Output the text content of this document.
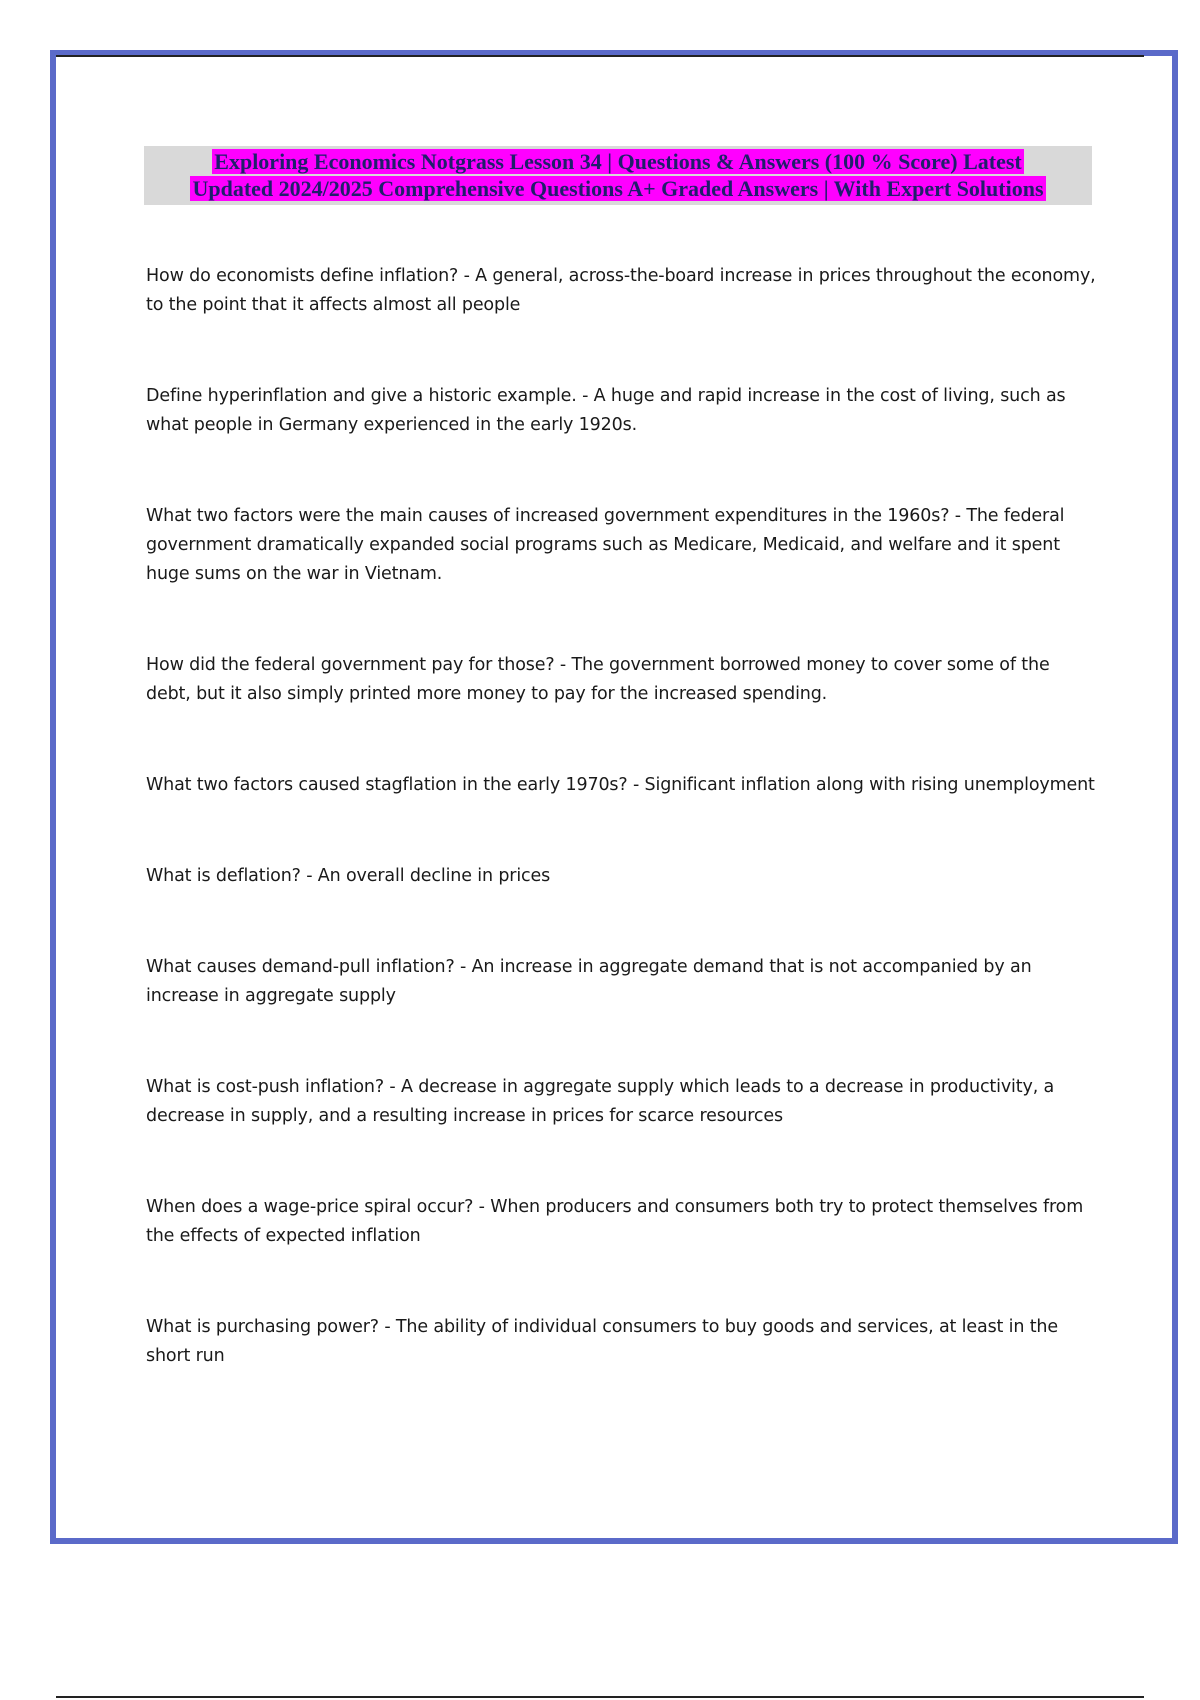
Exploring Economics Notgrass Lesson 34 | Questions & Answers (100 % Score) Latest
Updated 2024/2025 Comprehensive Questions A+ Graded Answers | With Expert Solutions

How do economists define inflation? - A general, across-the-board increase in prices throughout the economy, to the point that it affects almost all people

Define hyperinflation and give a historic example. - A huge and rapid increase in the cost of living, such as what people in Germany experienced in the early 1920s.

What two factors were the main causes of increased government expenditures in the 1960s? - The federal government dramatically expanded social programs such as Medicare, Medicaid, and welfare and it spent huge sums on the war in Vietnam.

How did the federal government pay for those? - The government borrowed money to cover some of the debt, but it also simply printed more money to pay for the increased spending.

What two factors caused stagflation in the early 1970s? - Significant inflation along with rising unemployment

What is deflation? - An overall decline in prices

What causes demand-pull inflation? - An increase in aggregate demand that is not accompanied by an increase in aggregate supply

What is cost-push inflation? - A decrease in aggregate supply which leads to a decrease in productivity, a decrease in supply, and a resulting increase in prices for scarce resources

When does a wage-price spiral occur? - When producers and consumers both try to protect themselves from the effects of expected inflation

What is purchasing power? - The ability of individual consumers to buy goods and services, at least in the short run
